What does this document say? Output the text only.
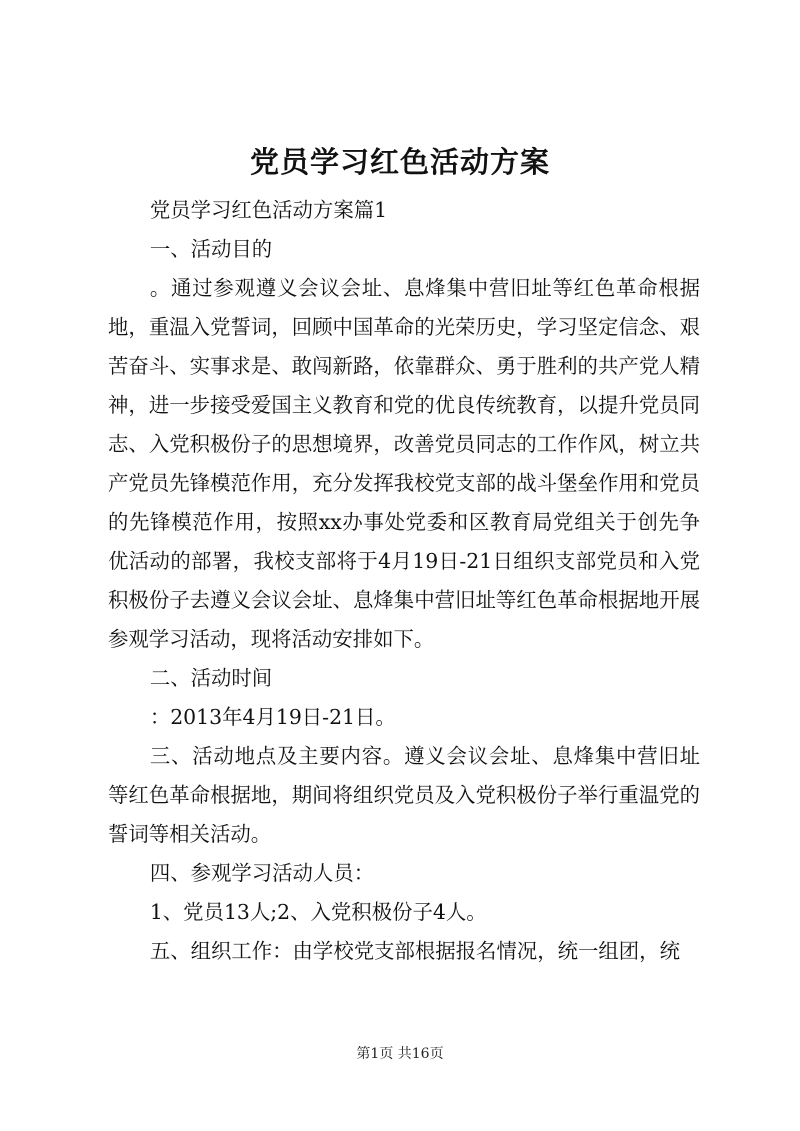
党员学习红色活动方案

党员学习红色活动方案篇1

一、活动目的

。通过参观遵义会议会址、息烽集中营旧址等红色革命根据地，重温入党誓词，回顾中国革命的光荣历史，学习坚定信念、艰苦奋斗、实事求是、敢闯新路，依靠群众、勇于胜利的共产党人精神，进一步接受爱国主义教育和党的优良传统教育，以提升党员同志、入党积极份子的思想境界，改善党员同志的工作作风，树立共产党员先锋模范作用，充分发挥我校党支部的战斗堡垒作用和党员的先锋模范作用，按照xx办事处党委和区教育局党组关于创先争优活动的部署，我校支部将于4月19日-21日组织支部党员和入党积极份子去遵义会议会址、息烽集中营旧址等红色革命根据地开展参观学习活动，现将活动安排如下。

二、活动时间

：2013年4月19日-21日。

三、活动地点及主要内容。遵义会议会址、息烽集中营旧址等红色革命根据地，期间将组织党员及入党积极份子举行重温党的誓词等相关活动。

四、参观学习活动人员：

1、党员13人;2、入党积极份子4人。

五、组织工作：由学校党支部根据报名情况，统一组团，统

第1页 共16页
